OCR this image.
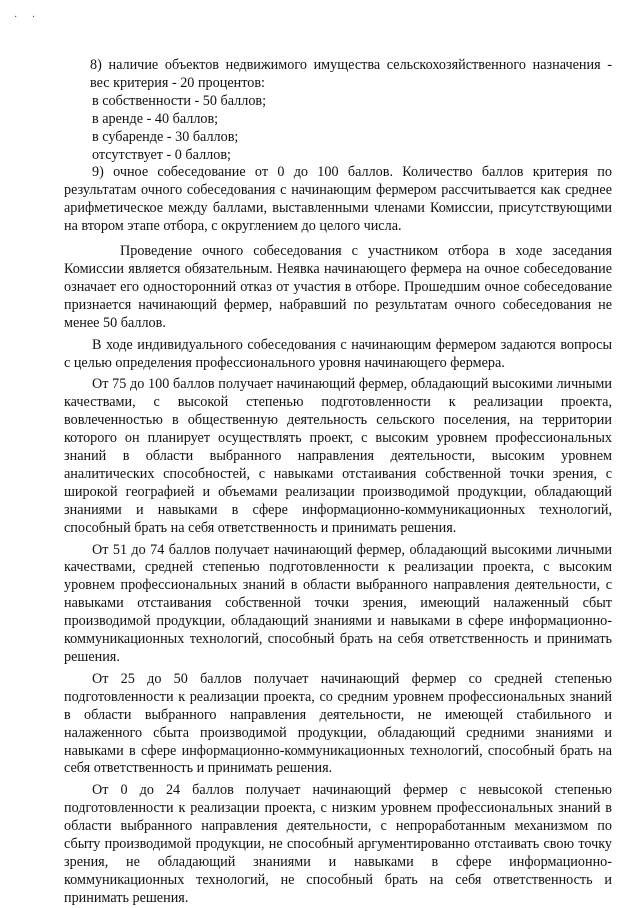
· ·

8) наличие объектов недвижимого имущества сельскохозяйственного назначения - вес критерия - 20 процентов:

в собственности - 50 баллов;

в аренде - 40 баллов;

в субаренде - 30 баллов;

отсутствует - 0 баллов;

9) очное собеседование от 0 до 100 баллов. Количество баллов критерия по результатам очного собеседования с начинающим фермером рассчитывается как среднее арифметическое между баллами, выставленными членами Комиссии, присутствующими на втором этапе отбора, с округлением до целого числа.

Проведение очного собеседования с участником отбора в ходе заседания Комиссии является обязательным. Неявка начинающего фермера на очное собеседование означает его односторонний отказ от участия в отборе. Прошедшим очное собеседование признается начинающий фермер, набравший по результатам очного собеседования не менее 50 баллов.

В ходе индивидуального собеседования с начинающим фермером задаются вопросы с целью определения профессионального уровня начинающего фермера.

От 75 до 100 баллов получает начинающий фермер, обладающий высокими личными качествами, с высокой степенью подготовленности к реализации проекта, вовлеченностью в общественную деятельность сельского поселения, на территории которого он планирует осуществлять проект, с высоким уровнем профессиональных знаний в области выбранного направления деятельности, высоким уровнем аналитических способностей, с навыками отстаивания собственной точки зрения, с широкой географией и объемами реализации производимой продукции, обладающий знаниями и навыками в сфере информационно-коммуникационных технологий, способный брать на себя ответственность и принимать решения.

От 51 до 74 баллов получает начинающий фермер, обладающий высокими личными качествами, средней степенью подготовленности к реализации проекта, с высоким уровнем профессиональных знаний в области выбранного направления деятельности, с навыками отстаивания собственной точки зрения, имеющий налаженный сбыт производимой продукции, обладающий знаниями и навыками в сфере информационно-коммуникационных технологий, способный брать на себя ответственность и принимать решения.

От 25 до 50 баллов получает начинающий фермер со средней степенью подготовленности к реализации проекта, со средним уровнем профессиональных знаний в области выбранного направления деятельности, не имеющей стабильного и налаженного сбыта производимой продукции, обладающий средними знаниями и навыками в сфере информационно-коммуникационных технологий, способный брать на себя ответственность и принимать решения.

От 0 до 24 баллов получает начинающий фермер с невысокой степенью подготовленности к реализации проекта, с низким уровнем профессиональных знаний в области выбранного направления деятельности, с непроработанным механизмом по сбыту производимой продукции, не способный аргументированно отстаивать свою точку зрения, не обладающий знаниями и навыками в сфере информационно-коммуникационных технологий, не способный брать на себя ответственность и принимать решения.
